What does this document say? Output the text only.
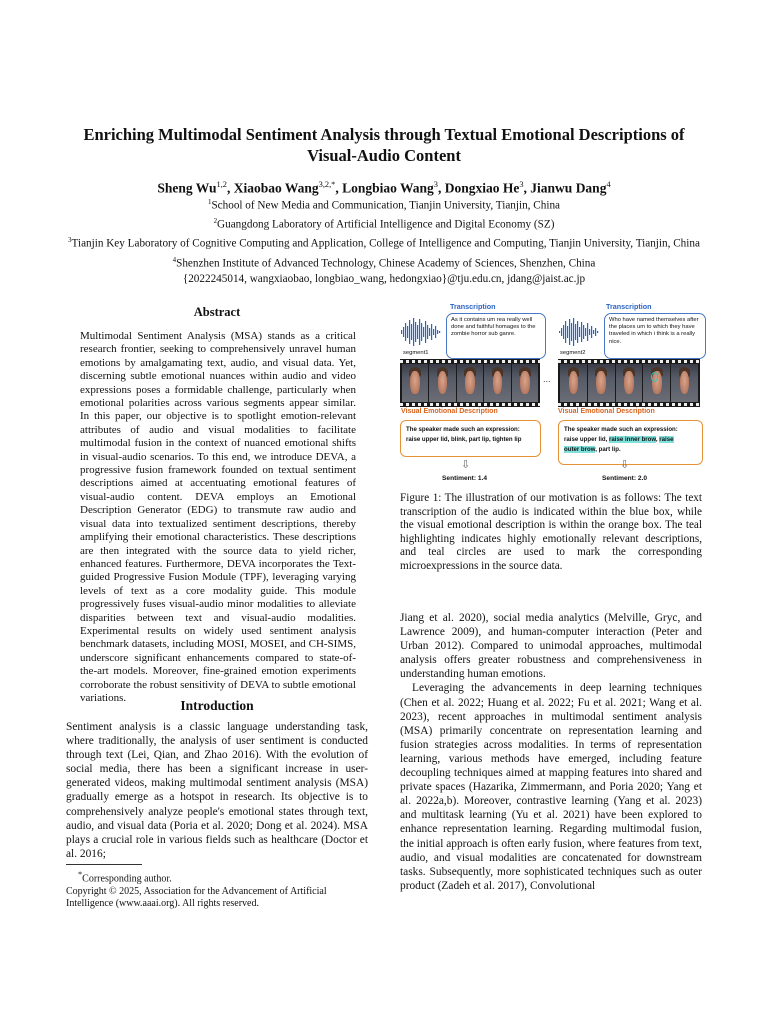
Enriching Multimodal Sentiment Analysis through Textual Emotional Descriptions of Visual-Audio Content
Sheng Wu$^{1,2}$, Xiaobao Wang$^{3,2,*}$, Longbiao Wang$^3$, Dongxiao He$^3$, Jianwu Dang$^4$
$^1$School of New Media and Communication, Tianjin University, Tianjin, China
$^2$Guangdong Laboratory of Artificial Intelligence and Digital Economy (SZ)
$^3$Tianjin Key Laboratory of Cognitive Computing and Application, College of Intelligence and Computing, Tianjin University, Tianjin, China
$^4$Shenzhen Institute of Advanced Technology, Chinese Academy of Sciences, Shenzhen, China
{2022245014, wangxiaobao, longbiao_wang, hedongxiao}@tju.edu.cn, jdang@jaist.ac.jp
Abstract

Multimodal Sentiment Analysis (MSA) stands as a critical research frontier, seeking to comprehensively unravel human emotions by amalgamating text, audio, and visual data. Yet, discerning subtle emotional nuances within audio and video expressions poses a formidable challenge, particularly when emotional polarities across various segments appear similar. In this paper, our objective is to spotlight emotion-relevant attributes of audio and visual modalities to facilitate multimodal fusion in the context of nuanced emotional shifts in visual-audio scenarios. To this end, we introduce DEVA, a progressive fusion framework founded on textual sentiment descriptions aimed at accentuating emotional features of visual-audio content. DEVA employs an Emotional Description Generator (EDG) to transmute raw audio and visual data into textualized sentiment descriptions, thereby amplifying their emotional characteristics. These descriptions are then integrated with the source data to yield richer, enhanced features. Furthermore, DEVA incorporates the Text-guided Progressive Fusion Module (TPF), leveraging varying levels of text as a core modality guide. This module progressively fuses visual-audio minor modalities to alleviate disparities between text and visual-audio modalities. Experimental results on widely used sentiment analysis benchmark datasets, including MOSI, MOSEI, and CH-SIMS, underscore significant enhancements compared to state-of-the-art models. Moreover, fine-grained emotion experiments corroborate the robust sensitivity of DEVA to subtle emotional variations.

Introduction

Sentiment analysis is a classic language understanding task, where traditionally, the analysis of user sentiment is conducted through text (Lei, Qian, and Zhao 2016). With the evolution of social media, there has been a significant increase in user-generated videos, making multimodal sentiment analysis (MSA) gradually emerge as a hotspot in research. Its objective is to comprehensively analyze people's emotional states through text, audio, and visual data (Poria et al. 2020; Dong et al. 2024). MSA plays a crucial role in various fields such as healthcare (Doctor et al. 2016;

*Corresponding author.
Copyright © 2025, Association for the Advancement of Artificial Intelligence (www.aaai.org). All rights reserved.
Transcription
As it contains um rea really well done and faithful homages to the zombie horror sub ganre.
segment1
Transcription
Who have named themselves after the places um to which they have traveled in which i think is a really nice.
segment2
...
Visual Emotional Description
The speaker made such an expression:
raise upper lid, blink, part lip, tighten lip
Visual Emotional Description
The speaker made such an expression:
raise upper lid, raise inner brow, raise
outer brow, part lip.
⇩
Sentiment: 1.4
⇩
Sentiment: 2.0
Figure 1: The illustration of our motivation is as follows: The text transcription of the audio is indicated within the blue box, while the visual emotional description is within the orange box. The teal highlighting indicates highly emotionally relevant descriptions, and teal circles are used to mark the corresponding microexpressions in the source data.

Jiang et al. 2020), social media analytics (Melville, Gryc, and Lawrence 2009), and human-computer interaction (Peter and Urban 2012). Compared to unimodal approaches, multimodal analysis offers greater robustness and comprehensiveness in understanding human emotions.

Leveraging the advancements in deep learning techniques (Chen et al. 2022; Huang et al. 2022; Fu et al. 2021; Wang et al. 2023), recent approaches in multimodal sentiment analysis (MSA) primarily concentrate on representation learning and fusion strategies across modalities. In terms of representation learning, various methods have emerged, including feature decoupling techniques aimed at mapping features into shared and private spaces (Hazarika, Zimmermann, and Poria 2020; Yang et al. 2022a,b). Moreover, contrastive learning (Yang et al. 2023) and multitask learning (Yu et al. 2021) have been explored to enhance representation learning. Regarding multimodal fusion, the initial approach is often early fusion, where features from text, audio, and visual modalities are concatenated for downstream tasks. Subsequently, more sophisticated techniques such as outer product (Zadeh et al. 2017), Convolutional
